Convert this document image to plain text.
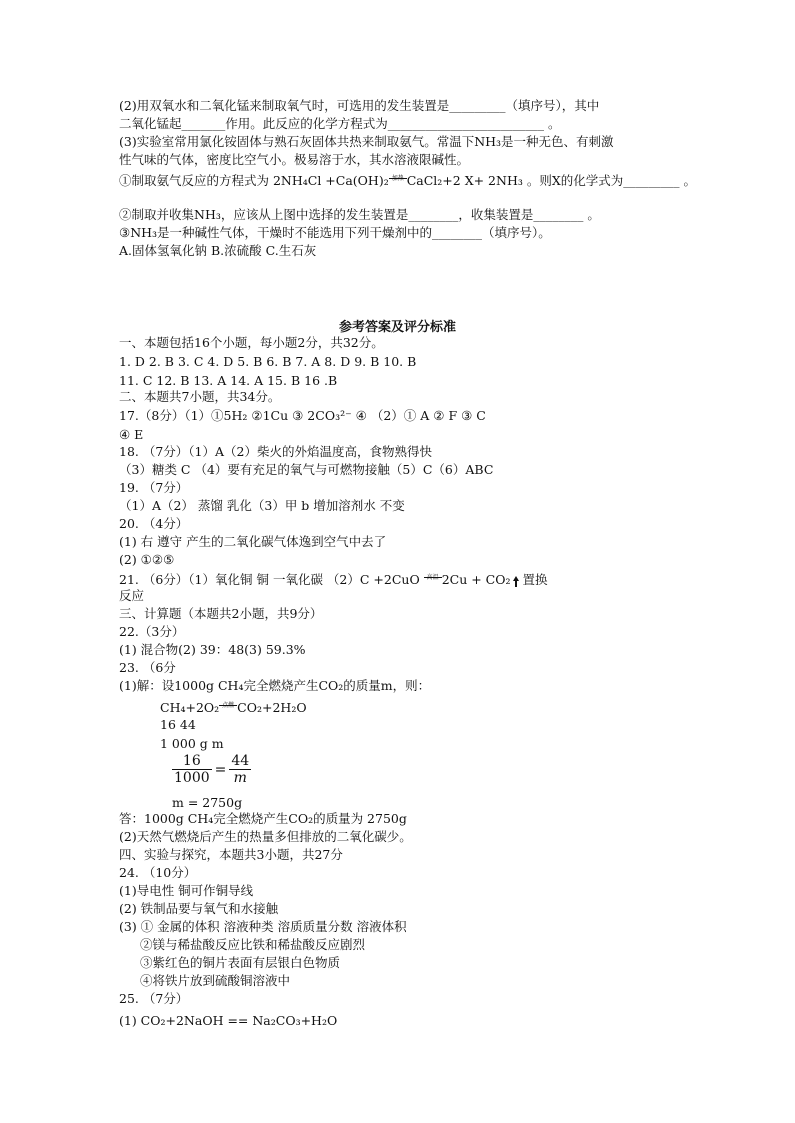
(2)用双氧水和二氧化锰来制取氧气时，可选用的发生装置是_________（填序号），其中
二氧化锰起_______作用。此反应的化学方程式为_________________________ 。
(3)实验室常用氯化铵固体与熟石灰固体共热来制取氨气。常温下NH₃是一种无色、有刺激
性气味的气体，密度比空气小。极易溶于水，其水溶液限碱性。
①制取氨气反应的方程式为 2NH₄Cl +Ca(OH)₂ 加热 CaCl₂+2 X+ 2NH₃ 。则X的化学式为_________ 。
②制取并收集NH₃，应该从上图中选择的发生装置是________，收集装置是________ 。
③NH₃是一种碱性气体，干燥时不能选用下列干燥剂中的________（填序号）。
A.固体氢氧化钠 B.浓硫酸 C.生石灰
参考答案及评分标准
一、本题包括16个小题，每小题2分，共32分。
1. D 2. B 3. C 4. D 5. B 6. B 7. A 8. D 9. B 10. B
11. C 12. B 13. A 14. A 15. B 16 .B
二、本题共7小题，共34分。
17.（8分）（1）①5H₂ ②1Cu ③ 2CO₃²⁻ ④ （2）① A ② F ③ C
④ E
18. （7分）（1）A（2）柴火的外焰温度高，食物熟得快
（3）糖类 C （4）要有充足的氧气与可燃物接触（5）C（6）ABC
19. （7分）
（1）A（2） 蒸馏 乳化（3）甲 b 增加溶剂水 不变
20. （4分）
(1) 右 遵守 产生的二氧化碳气体逸到空气中去了
(2) ①②⑤
21. （6分）（1）氧化铜 铜 一氧化碳 （2）C +2CuO 高温 2Cu + CO₂ 置换
反应
三、计算题（本题共2小题，共9分）
22.（3分）
(1) 混合物(2) 39：48(3) 59.3%
23. （6分
(1)解：设1000g CH₄完全燃烧产生CO₂的质量m，则：
CH₄+2O₂ 点燃 CO₂+2H₂O
16 44
1 000 g m
$\frac{16}{1000} = \frac{44}{m}$
m = 2750g
答：1000g CH₄完全燃烧产生CO₂的质量为 2750g
(2)天然气燃烧后产生的热量多但排放的二氧化碳少。
四、实验与探究，本题共3小题，共27分
24. （10分）
(1)导电性 铜可作铜导线
(2) 铁制品要与氧气和水接触
(3) ① 金属的体积 溶液种类 溶质质量分数 溶液体积
②镁与稀盐酸反应比铁和稀盐酸反应剧烈
③紫红色的铜片表面有层银白色物质
④将铁片放到硫酸铜溶液中
25. （7分）
(1) CO₂+2NaOH == Na₂CO₃+H₂O
